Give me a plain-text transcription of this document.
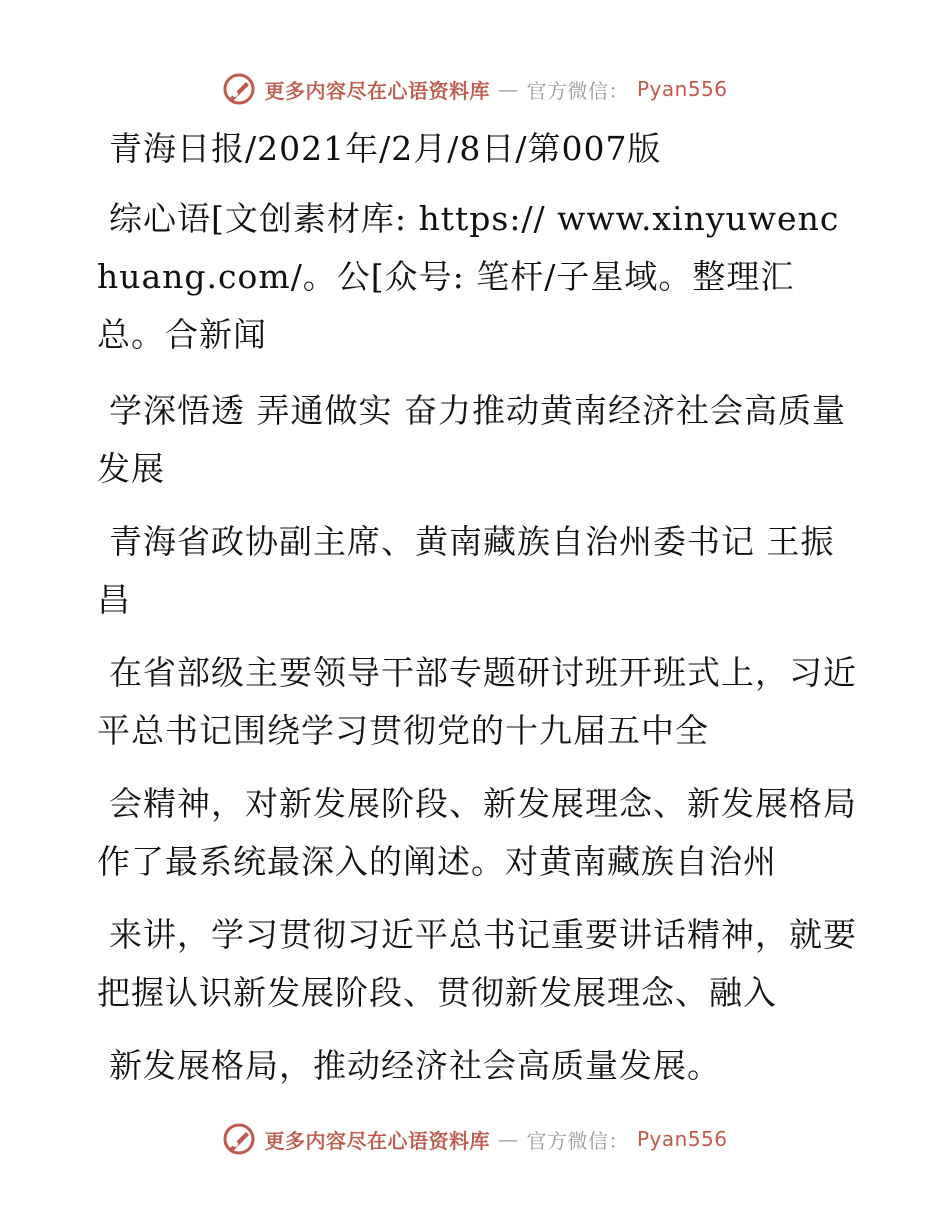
更多内容尽在心语资料库 — 官方微信： Pyan556

青海日报/2021年/2月/8日/第007版

综心语[文创素材库: https:// www.xinyuwenchuang.com/。公[众号: 笔杆/子星域。整理汇总。合新闻

学深悟透 弄通做实 奋力推动黄南经济社会高质量发展

青海省政协副主席、黄南藏族自治州委书记 王振昌

在省部级主要领导干部专题研讨班开班式上，习近平总书记围绕学习贯彻党的十九届五中全

会精神，对新发展阶段、新发展理念、新发展格局作了最系统最深入的阐述。对黄南藏族自治州

来讲，学习贯彻习近平总书记重要讲话精神，就要把握认识新发展阶段、贯彻新发展理念、融入

新发展格局，推动经济社会高质量发展。

更多内容尽在心语资料库 — 官方微信： Pyan556
